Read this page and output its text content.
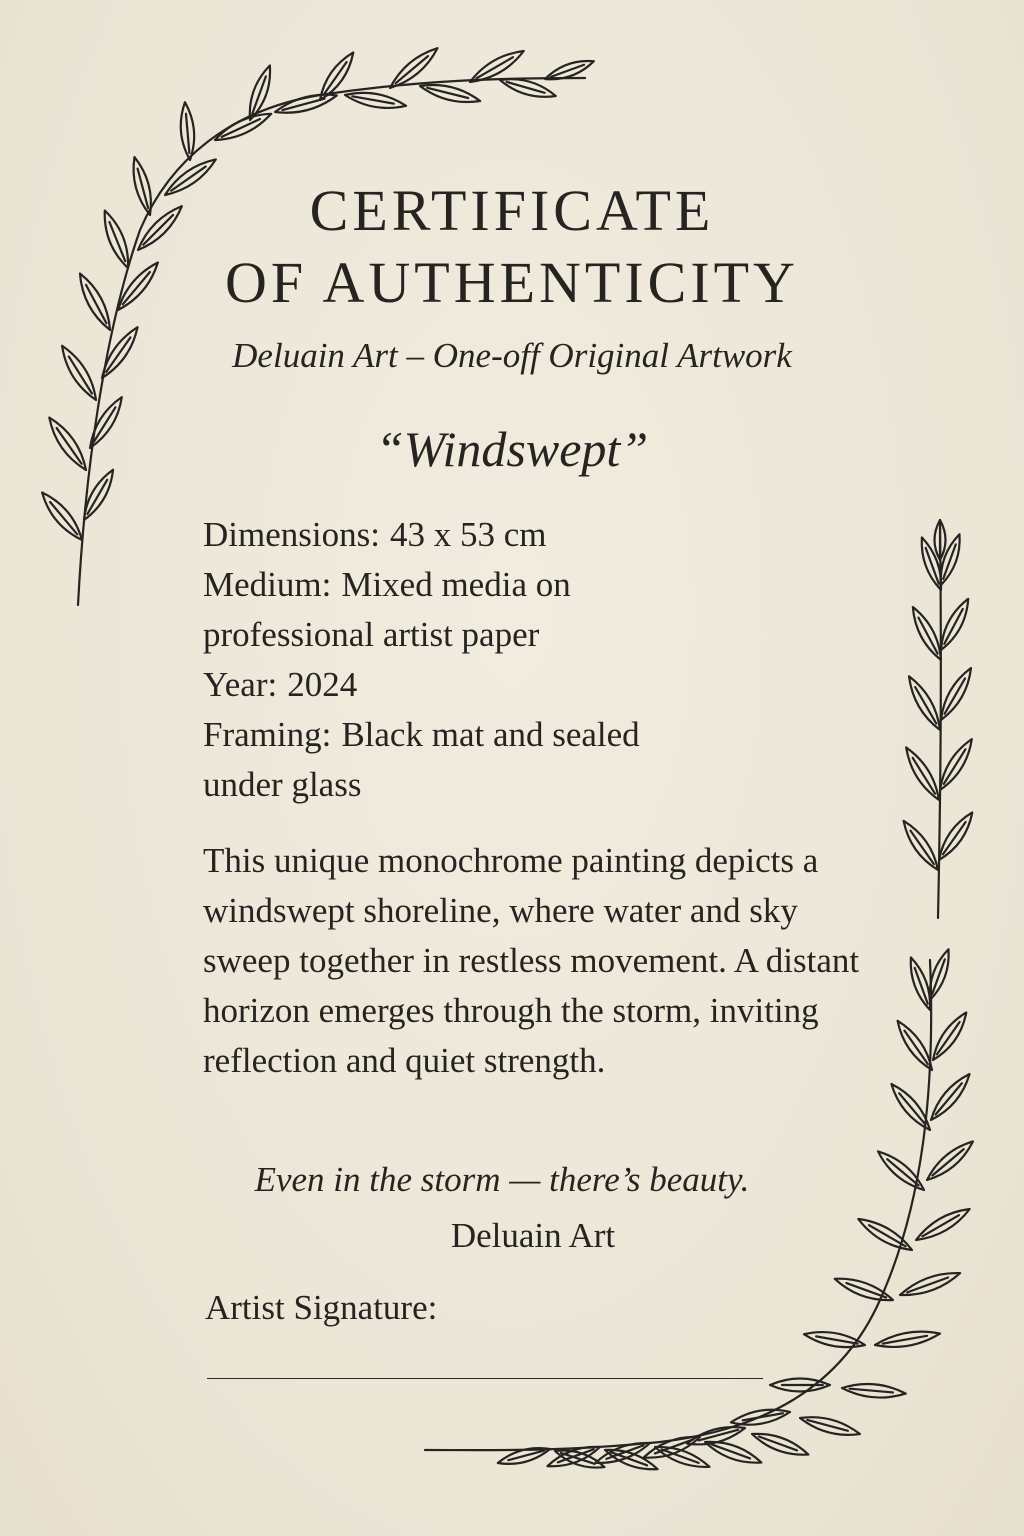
CERTIFICATE
OF AUTHENTICITY

Deluain Art – One-off Original Artwork

“Windswept”

Dimensions: 43 x 53 cm
Medium: Mixed media on professional artist paper
Year: 2024
Framing: Black mat and sealed under glass

This unique monochrome painting depicts a windswept shoreline, where water and sky sweep together in restless movement. A distant horizon emerges through the storm, inviting reflection and quiet strength.

Even in the storm — there’s beauty.

Deluain Art

Artist Signature:
